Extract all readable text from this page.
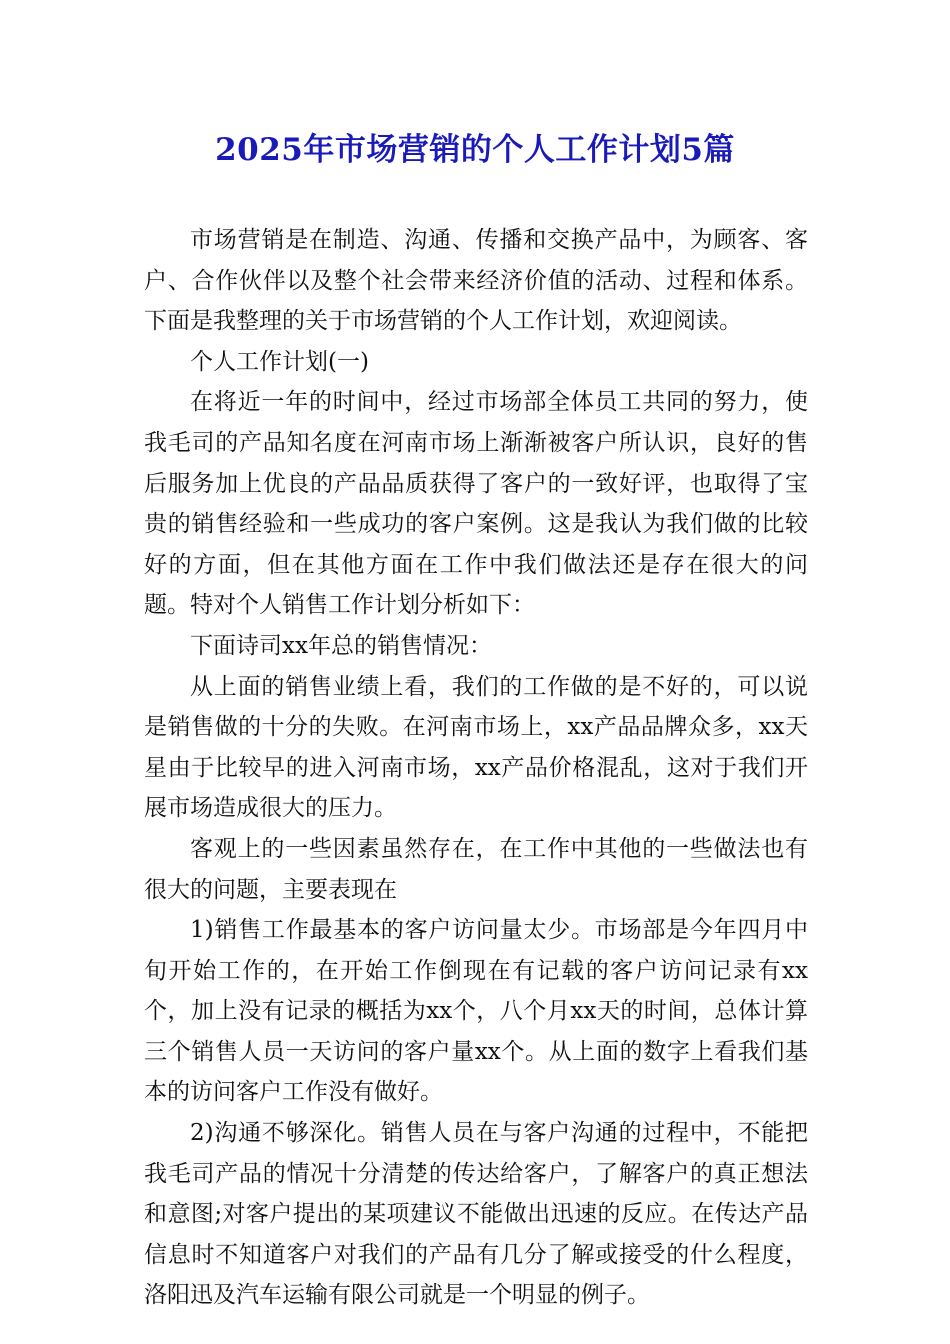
2025年市场营销的个人工作计划5篇

市场营销是在制造、沟通、传播和交换产品中，为顾客、客户、合作伙伴以及整个社会带来经济价值的活动、过程和体系。下面是我整理的关于市场营销的个人工作计划，欢迎阅读。

个人工作计划(一)

在将近一年的时间中，经过市场部全体员工共同的努力，使我毛司的产品知名度在河南市场上渐渐被客户所认识，良好的售后服务加上优良的产品品质获得了客户的一致好评，也取得了宝贵的销售经验和一些成功的客户案例。这是我认为我们做的比较好的方面，但在其他方面在工作中我们做法还是存在很大的问题。特对个人销售工作计划分析如下：

下面诗司xx年总的销售情况：

从上面的销售业绩上看，我们的工作做的是不好的，可以说是销售做的十分的失败。在河南市场上，xx产品品牌众多，xx天星由于比较早的进入河南市场，xx产品价格混乱，这对于我们开展市场造成很大的压力。

客观上的一些因素虽然存在，在工作中其他的一些做法也有很大的问题，主要表现在

1)销售工作最基本的客户访问量太少。市场部是今年四月中旬开始工作的，在开始工作倒现在有记载的客户访问记录有xx个，加上没有记录的概括为xx个，八个月xx天的时间，总体计算三个销售人员一天访问的客户量xx个。从上面的数字上看我们基本的访问客户工作没有做好。

2)沟通不够深化。销售人员在与客户沟通的过程中，不能把我毛司产品的情况十分清楚的传达给客户，了解客户的真正想法和意图;对客户提出的某项建议不能做出迅速的反应。在传达产品信息时不知道客户对我们的产品有几分了解或接受的什么程度，洛阳迅及汽车运输有限公司就是一个明显的例子。
